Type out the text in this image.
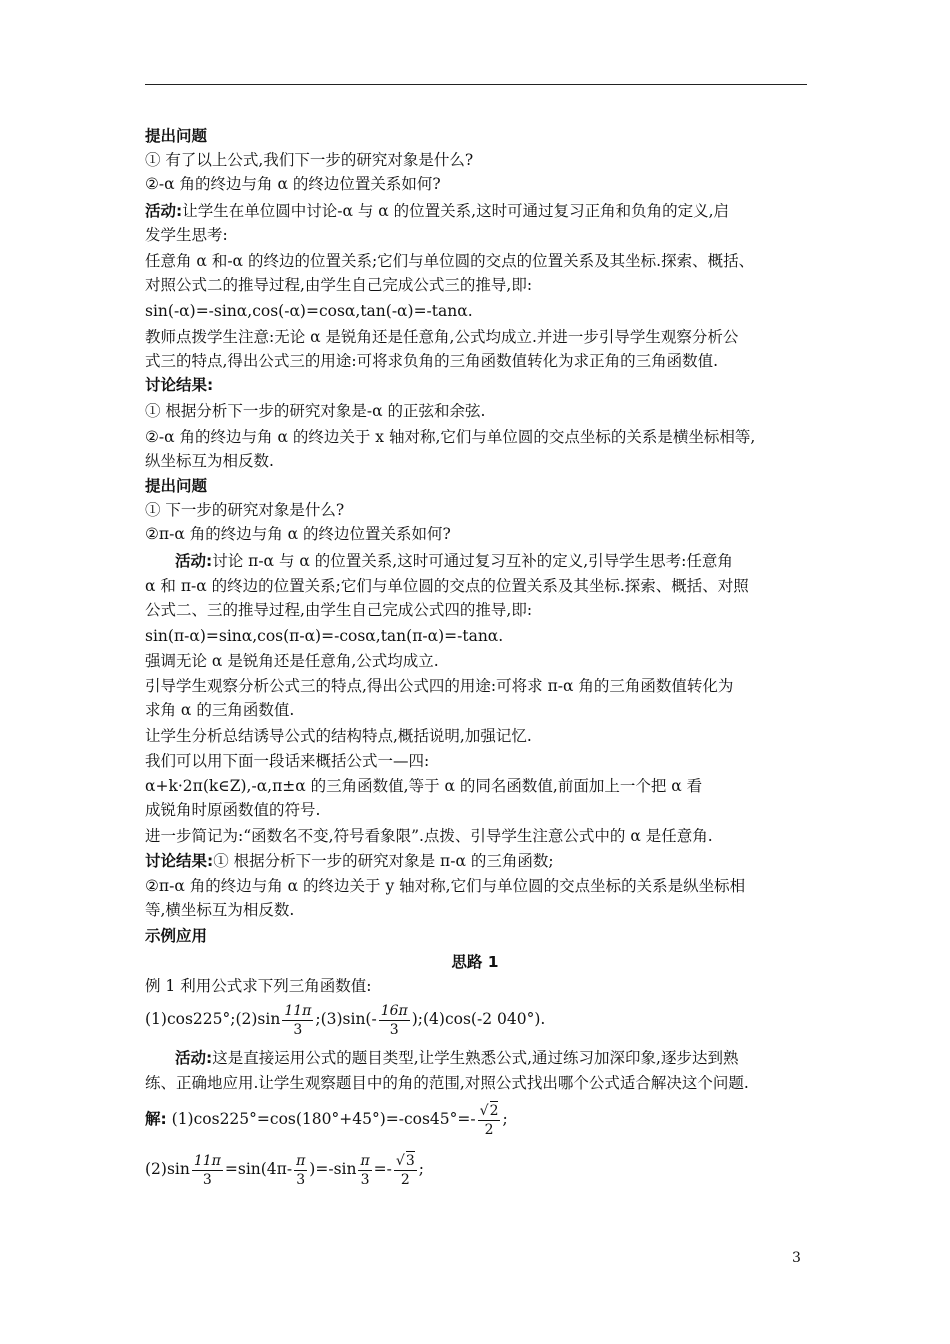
提出问题
① 有了以上公式,我们下一步的研究对象是什么?
②-α 角的终边与角 α 的终边位置关系如何?
活动:让学生在单位圆中讨论-α 与 α 的位置关系,这时可通过复习正角和负角的定义,启
发学生思考:
任意角 α 和-α 的终边的位置关系;它们与单位圆的交点的位置关系及其坐标.探索、概括、
对照公式二的推导过程,由学生自己完成公式三的推导,即:
sin(-α)=-sinα,cos(-α)=cosα,tan(-α)=-tanα.
教师点拨学生注意:无论 α 是锐角还是任意角,公式均成立.并进一步引导学生观察分析公
式三的特点,得出公式三的用途:可将求负角的三角函数值转化为求正角的三角函数值.
讨论结果:
① 根据分析下一步的研究对象是-α 的正弦和余弦.
②-α 角的终边与角 α 的终边关于 x 轴对称,它们与单位圆的交点坐标的关系是横坐标相等,
纵坐标互为相反数.
提出问题
① 下一步的研究对象是什么?
②π-α 角的终边与角 α 的终边位置关系如何?
活动:讨论 π-α 与 α 的位置关系,这时可通过复习互补的定义,引导学生思考:任意角
α 和 π-α 的终边的位置关系;它们与单位圆的交点的位置关系及其坐标.探索、概括、对照
公式二、三的推导过程,由学生自己完成公式四的推导,即:
sin(π-α)=sinα,cos(π-α)=-cosα,tan(π-α)=-tanα.
强调无论 α 是锐角还是任意角,公式均成立.
引导学生观察分析公式三的特点,得出公式四的用途:可将求 π-α 角的三角函数值转化为
求角 α 的三角函数值.
让学生分析总结诱导公式的结构特点,概括说明,加强记忆.
我们可以用下面一段话来概括公式一—四:
α+k·2π(k∈Z),-α,π±α 的三角函数值,等于 α 的同名函数值,前面加上一个把 α 看
成锐角时原函数值的符号.
进一步简记为:“函数名不变,符号看象限”.点拨、引导学生注意公式中的 α 是任意角.
讨论结果:① 根据分析下一步的研究对象是 π-α 的三角函数;
②π-α 角的终边与角 α 的终边关于 y 轴对称,它们与单位圆的交点坐标的关系是纵坐标相
等,横坐标互为相反数.
示例应用
思路 1
例 1 利用公式求下列三角函数值:
(1)cos225°;(2)sin $\frac{11\pi}{3}$ ;(3)sin(- $\frac{16\pi}{3}$ );(4)cos(-2 040°).
活动:这是直接运用公式的题目类型,让学生熟悉公式,通过练习加深印象,逐步达到熟
练、正确地应用.让学生观察题目中的角的范围,对照公式找出哪个公式适合解决这个问题.
解: $(1)\cos 225^\circ=\cos(180^\circ+45^\circ)=-\cos 45^\circ=- \frac{√2}{2}$ ;
$(2)\sin \frac{11\pi}{3} =\sin(4\pi- \frac{\pi}{3} )=-\sin \frac{\pi}{3} =- \frac{√3}{2}$ ;
3
